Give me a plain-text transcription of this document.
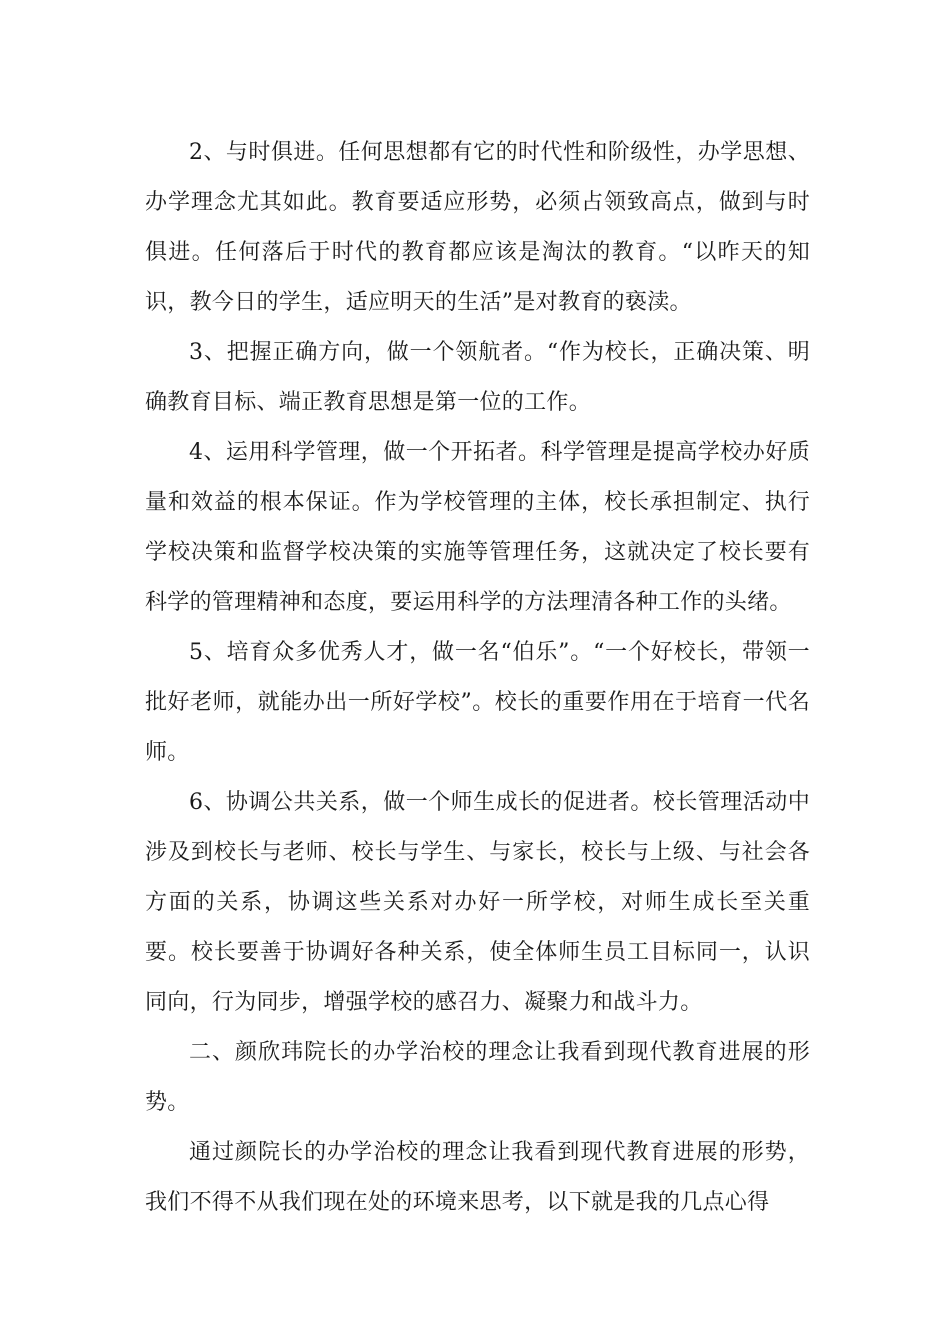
2、与时俱进。任何思想都有它的时代性和阶级性，办学思想、办学理念尤其如此。教育要适应形势，必须占领致高点，做到与时俱进。任何落后于时代的教育都应该是淘汰的教育。“以昨天的知识，教今日的学生，适应明天的生活”是对教育的亵渎。

3、把握正确方向，做一个领航者。“作为校长，正确决策、明确教育目标、端正教育思想是第一位的工作。

4、运用科学管理，做一个开拓者。科学管理是提高学校办好质量和效益的根本保证。作为学校管理的主体，校长承担制定、执行学校决策和监督学校决策的实施等管理任务，这就决定了校长要有科学的管理精神和态度，要运用科学的方法理清各种工作的头绪。

5、培育众多优秀人才，做一名“伯乐”。“一个好校长，带领一批好老师，就能办出一所好学校”。校长的重要作用在于培育一代名师。

6、协调公共关系，做一个师生成长的促进者。校长管理活动中涉及到校长与老师、校长与学生、与家长，校长与上级、与社会各方面的关系，协调这些关系对办好一所学校，对师生成长至关重要。校长要善于协调好各种关系，使全体师生员工目标同一，认识同向，行为同步，增强学校的感召力、凝聚力和战斗力。

二、颜欣玮院长的办学治校的理念让我看到现代教育进展的形势。

通过颜院长的办学治校的理念让我看到现代教育进展的形势，我们不得不从我们现在处的环境来思考，以下就是我的几点心得
